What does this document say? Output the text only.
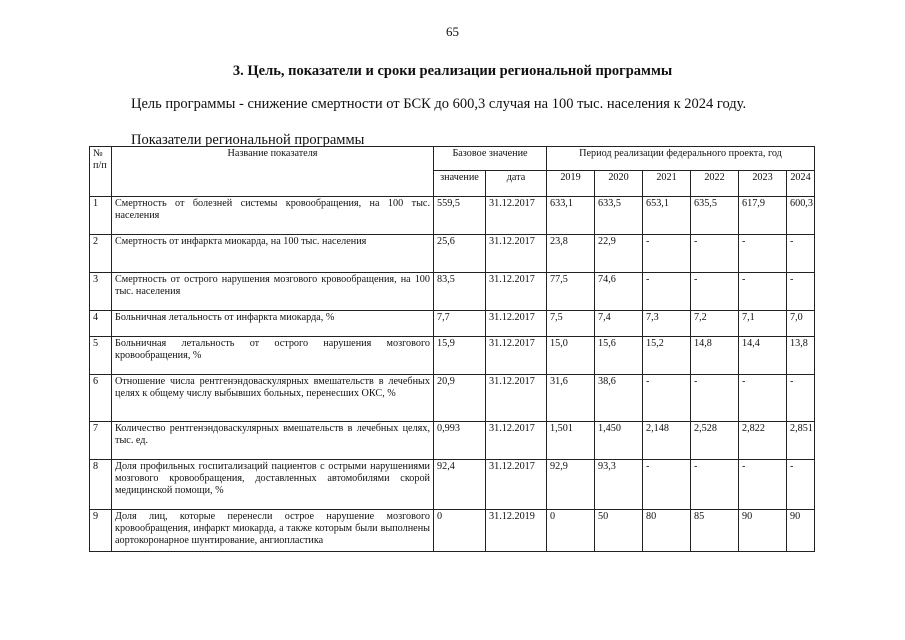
65
3. Цель, показатели и сроки реализации региональной программы
Цель программы - снижение смертности от БСК до 600,3 случая на 100 тыс. населения к 2024 году.
Показатели региональной программы
№ п/п	Название показателя	Базовое значение		Период реализации федерального проекта, год					
		значение	дата	2019	2020	2021	2022	2023	2024
1	Смертность от болезней системы кровообращения, на 100 тыс. населения	559,5	31.12.2017	633,1	633,5	653,1	635,5	617,9	600,3
2	Смертность от инфаркта миокарда, на 100 тыс. населения	25,6	31.12.2017	23,8	22,9	-	-	-	-
3	Смертность от острого нарушения мозгового кровообращения, на 100 тыс. населения	83,5	31.12.2017	77,5	74,6	-	-	-	-
4	Больничная летальность от инфаркта миокарда, %	7,7	31.12.2017	7,5	7,4	7,3	7,2	7,1	7,0
5	Больничная летальность от острого нарушения мозгового кровообращения, %	15,9	31.12.2017	15,0	15,6	15,2	14,8	14,4	13,8
6	Отношение числа рентгенэндоваскулярных вмешательств в лечебных целях к общему числу выбывших больных, перенесших ОКС, %	20,9	31.12.2017	31,6	38,6	-	-	-	-
7	Количество рентгенэндоваскулярных вмешательств в лечебных целях, тыс. ед.	0,993	31.12.2017	1,501	1,450	2,148	2,528	2,822	2,851
8	Доля профильных госпитализаций пациентов с острыми нарушениями мозгового кровообращения, доставленных автомобилями скорой медицинской помощи, %	92,4	31.12.2017	92,9	93,3	-	-	-	-
9	Доля лиц, которые перенесли острое нарушение мозгового кровообращения, инфаркт миокарда, а также которым были выполнены аортокоронарное шунтирование, ангиопластика	0	31.12.2019	0	50	80	85	90	90
